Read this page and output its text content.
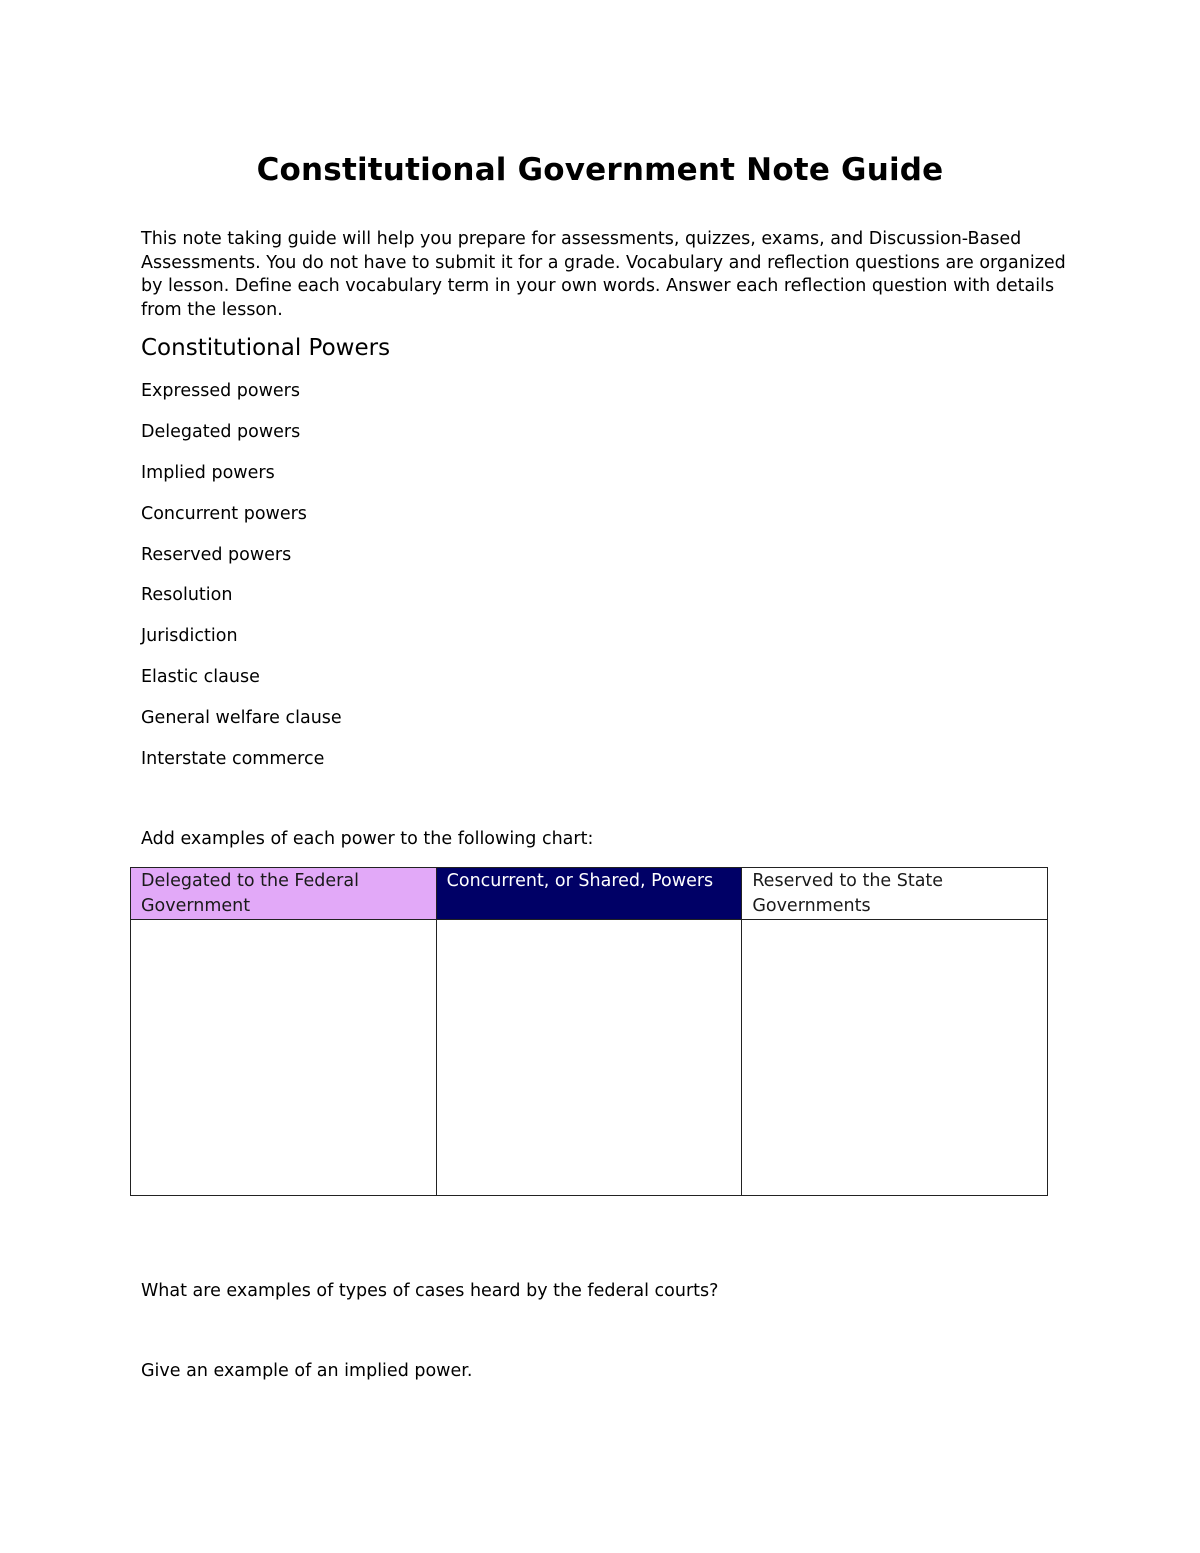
Constitutional Government Note Guide

This note taking guide will help you prepare for assessments, quizzes, exams, and Discussion-Based Assessments. You do not have to submit it for a grade. Vocabulary and reflection questions are organized by lesson. Define each vocabulary term in your own words. Answer each reflection question with details from the lesson.

Constitutional Powers
Expressed powers
Delegated powers
Implied powers
Concurrent powers
Reserved powers
Resolution
Jurisdiction
Elastic clause
General welfare clause
Interstate commerce

Add examples of each power to the following chart:

Delegated to the Federal Government	Concurrent, or Shared, Powers	Reserved to the State Governments

What are examples of types of cases heard by the federal courts?

Give an example of an implied power.
